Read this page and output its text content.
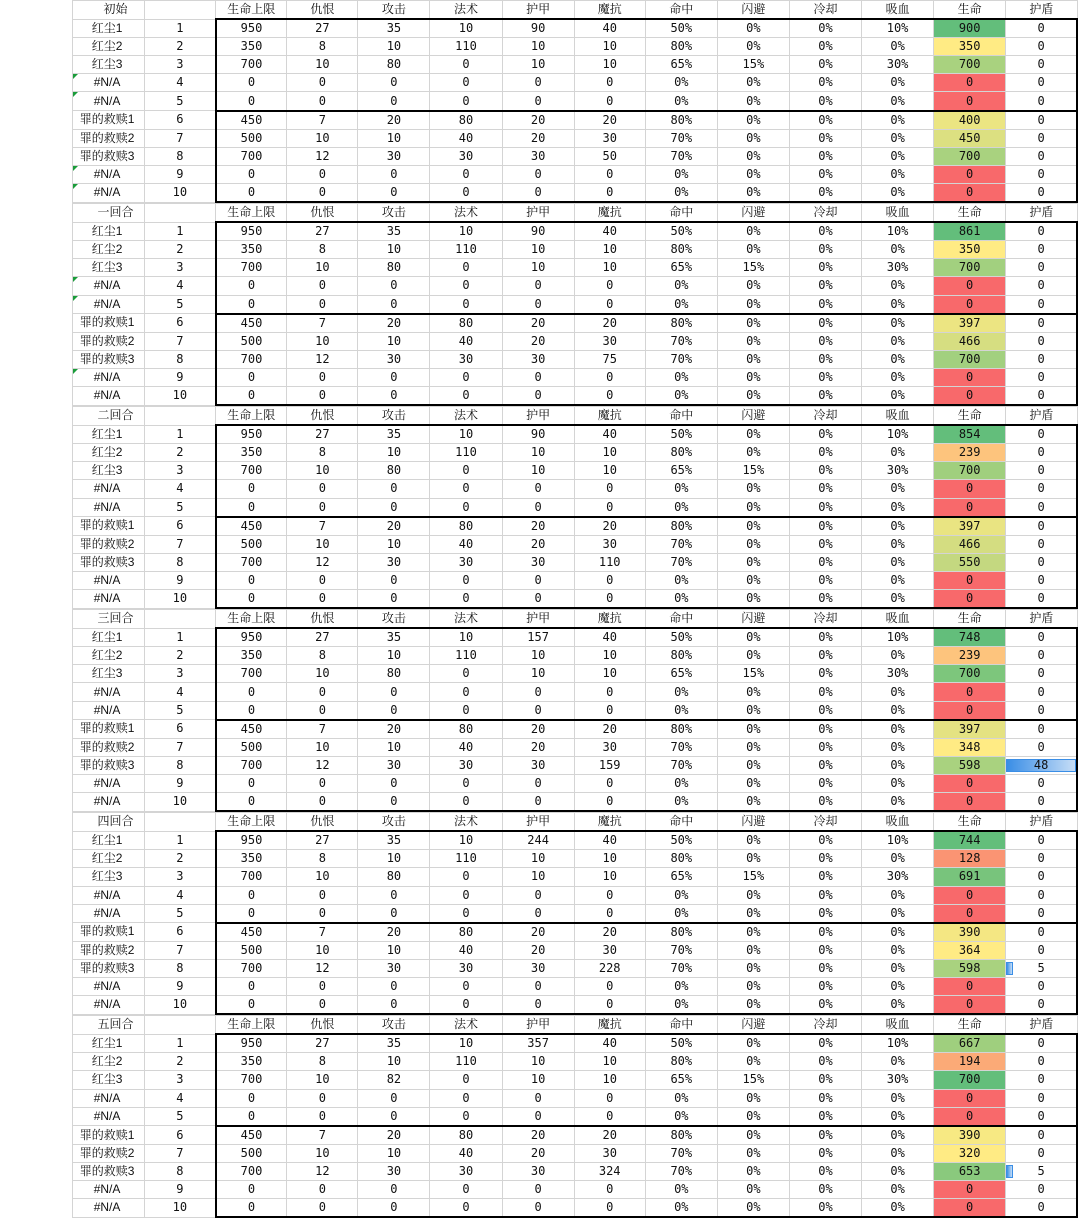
初始		生命上限	仇恨	攻击	法术	护甲	魔抗	命中	闪避	冷却	吸血	生命	护盾
红尘1	1	950	27	35	10	90	40	50%	0%	0%	10%	900	0
红尘2	2	350	8	10	110	10	10	80%	0%	0%	0%	350	0
红尘3	3	700	10	80	0	10	10	65%	15%	0%	30%	700	0

#N/A	4	0	0	0	0	0	0	0%	0%	0%	0%	0	0

#N/A	5	0	0	0	0	0	0	0%	0%	0%	0%	0	0
罪的救赎1	6	450	7	20	80	20	20	80%	0%	0%	0%	400	0
罪的救赎2	7	500	10	10	40	20	30	70%	0%	0%	0%	450	0
罪的救赎3	8	700	12	30	30	30	50	70%	0%	0%	0%	700	0

#N/A	9	0	0	0	0	0	0	0%	0%	0%	0%	0	0

#N/A	10	0	0	0	0	0	0	0%	0%	0%	0%	0	0
一回合		生命上限	仇恨	攻击	法术	护甲	魔抗	命中	闪避	冷却	吸血	生命	护盾
红尘1	1	950	27	35	10	90	40	50%	0%	0%	10%	861	0
红尘2	2	350	8	10	110	10	10	80%	0%	0%	0%	350	0
红尘3	3	700	10	80	0	10	10	65%	15%	0%	30%	700	0

#N/A	4	0	0	0	0	0	0	0%	0%	0%	0%	0	0

#N/A	5	0	0	0	0	0	0	0%	0%	0%	0%	0	0
罪的救赎1	6	450	7	20	80	20	20	80%	0%	0%	0%	397	0
罪的救赎2	7	500	10	10	40	20	30	70%	0%	0%	0%	466	0
罪的救赎3	8	700	12	30	30	30	75	70%	0%	0%	0%	700	0

#N/A	9	0	0	0	0	0	0	0%	0%	0%	0%	0	0
#N/A	10	0	0	0	0	0	0	0%	0%	0%	0%	0	0
二回合		生命上限	仇恨	攻击	法术	护甲	魔抗	命中	闪避	冷却	吸血	生命	护盾
红尘1	1	950	27	35	10	90	40	50%	0%	0%	10%	854	0
红尘2	2	350	8	10	110	10	10	80%	0%	0%	0%	239	0
红尘3	3	700	10	80	0	10	10	65%	15%	0%	30%	700	0
#N/A	4	0	0	0	0	0	0	0%	0%	0%	0%	0	0
#N/A	5	0	0	0	0	0	0	0%	0%	0%	0%	0	0
罪的救赎1	6	450	7	20	80	20	20	80%	0%	0%	0%	397	0
罪的救赎2	7	500	10	10	40	20	30	70%	0%	0%	0%	466	0
罪的救赎3	8	700	12	30	30	30	110	70%	0%	0%	0%	550	0
#N/A	9	0	0	0	0	0	0	0%	0%	0%	0%	0	0
#N/A	10	0	0	0	0	0	0	0%	0%	0%	0%	0	0
三回合		生命上限	仇恨	攻击	法术	护甲	魔抗	命中	闪避	冷却	吸血	生命	护盾
红尘1	1	950	27	35	10	157	40	50%	0%	0%	10%	748	0
红尘2	2	350	8	10	110	10	10	80%	0%	0%	0%	239	0
红尘3	3	700	10	80	0	10	10	65%	15%	0%	30%	700	0
#N/A	4	0	0	0	0	0	0	0%	0%	0%	0%	0	0
#N/A	5	0	0	0	0	0	0	0%	0%	0%	0%	0	0
罪的救赎1	6	450	7	20	80	20	20	80%	0%	0%	0%	397	0
罪的救赎2	7	500	10	10	40	20	30	70%	0%	0%	0%	348	0
罪的救赎3	8	700	12	30	30	30	159	70%	0%	0%	0%	598	48
#N/A	9	0	0	0	0	0	0	0%	0%	0%	0%	0	0
#N/A	10	0	0	0	0	0	0	0%	0%	0%	0%	0	0
四回合		生命上限	仇恨	攻击	法术	护甲	魔抗	命中	闪避	冷却	吸血	生命	护盾
红尘1	1	950	27	35	10	244	40	50%	0%	0%	10%	744	0
红尘2	2	350	8	10	110	10	10	80%	0%	0%	0%	128	0
红尘3	3	700	10	80	0	10	10	65%	15%	0%	30%	691	0
#N/A	4	0	0	0	0	0	0	0%	0%	0%	0%	0	0
#N/A	5	0	0	0	0	0	0	0%	0%	0%	0%	0	0
罪的救赎1	6	450	7	20	80	20	20	80%	0%	0%	0%	390	0
罪的救赎2	7	500	10	10	40	20	30	70%	0%	0%	0%	364	0
罪的救赎3	8	700	12	30	30	30	228	70%	0%	0%	0%	598	5
#N/A	9	0	0	0	0	0	0	0%	0%	0%	0%	0	0
#N/A	10	0	0	0	0	0	0	0%	0%	0%	0%	0	0
五回合		生命上限	仇恨	攻击	法术	护甲	魔抗	命中	闪避	冷却	吸血	生命	护盾
红尘1	1	950	27	35	10	357	40	50%	0%	0%	10%	667	0
红尘2	2	350	8	10	110	10	10	80%	0%	0%	0%	194	0
红尘3	3	700	10	82	0	10	10	65%	15%	0%	30%	700	0
#N/A	4	0	0	0	0	0	0	0%	0%	0%	0%	0	0
#N/A	5	0	0	0	0	0	0	0%	0%	0%	0%	0	0
罪的救赎1	6	450	7	20	80	20	20	80%	0%	0%	0%	390	0
罪的救赎2	7	500	10	10	40	20	30	70%	0%	0%	0%	320	0
罪的救赎3	8	700	12	30	30	30	324	70%	0%	0%	0%	653	5
#N/A	9	0	0	0	0	0	0	0%	0%	0%	0%	0	0
#N/A	10	0	0	0	0	0	0	0%	0%	0%	0%	0	0
